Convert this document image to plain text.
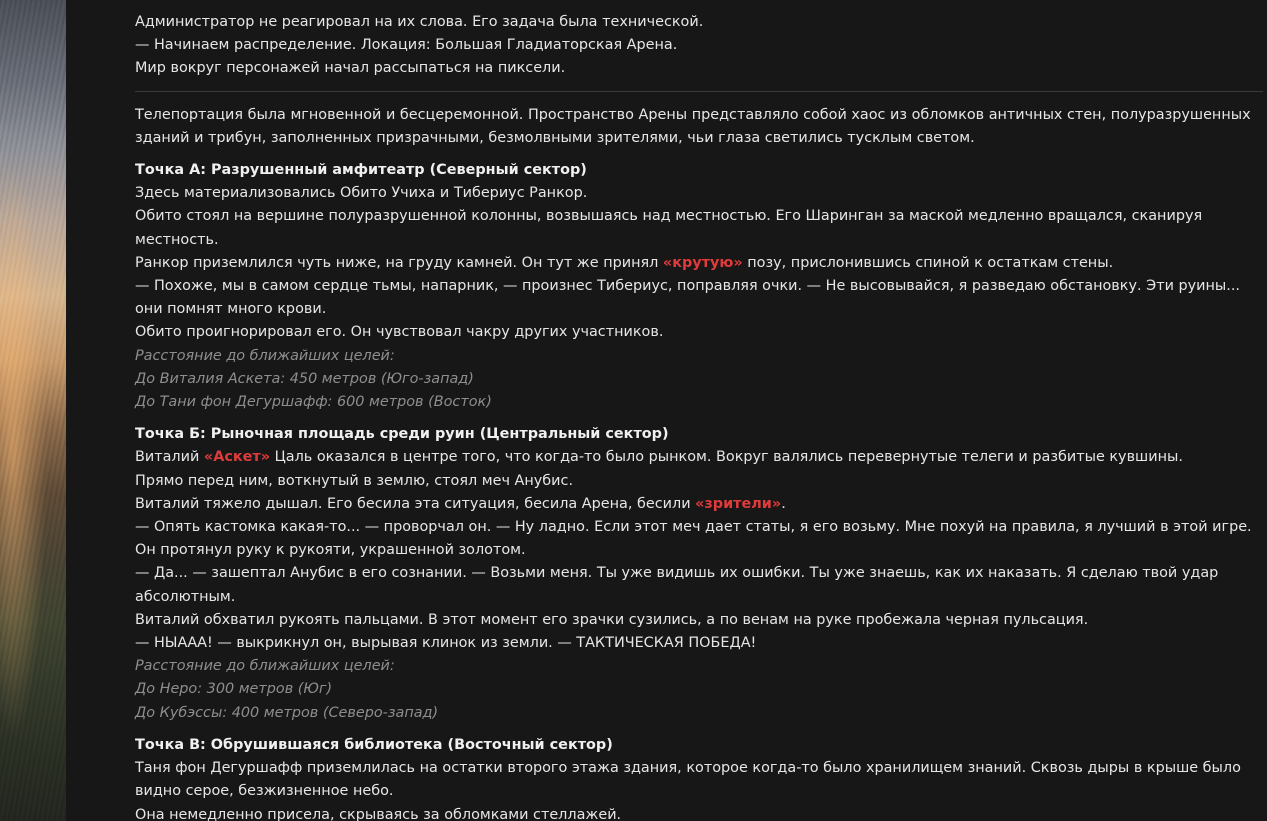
Администратор не реагировал на их слова. Его задача была технической.

— Начинаем распределение. Локация: Большая Гладиаторская Арена.

Мир вокруг персонажей начал рассыпаться на пиксели.

Телепортация была мгновенной и бесцеремонной. Пространство Арены представляло собой хаос из обломков античных стен, полуразрушенных зданий и трибун, заполненных призрачными, безмолвными зрителями, чьи глаза светились тусклым светом.

Точка А: Разрушенный амфитеатр (Северный сектор)

Здесь материализовались Обито Учиха и Тибериус Ранкор.

Обито стоял на вершине полуразрушенной колонны, возвышаясь над местностью. Его Шаринган за маской медленно вращался, сканируя местность.

Ранкор приземлился чуть ниже, на груду камней. Он тут же принял «крутую» позу, прислонившись спиной к остаткам стены.

— Похоже, мы в самом сердце тьмы, напарник, — произнес Тибериус, поправляя очки. — Не высовывайся, я разведаю обстановку. Эти руины... они помнят много крови.

Обито проигнорировал его. Он чувствовал чакру других участников.

Расстояние до ближайших целей:

До Виталия Аскета: 450 метров (Юго-запад)

До Тани фон Дегуршафф: 600 метров (Восток)

Точка Б: Рыночная площадь среди руин (Центральный сектор)

Виталий «Аскет» Цаль оказался в центре того, что когда-то было рынком. Вокруг валялись перевернутые телеги и разбитые кувшины.

Прямо перед ним, воткнутый в землю, стоял меч Анубис.

Виталий тяжело дышал. Его бесила эта ситуация, бесила Арена, бесили «зрители».

— Опять кастомка какая-то... — проворчал он. — Ну ладно. Если этот меч дает статы, я его возьму. Мне похуй на правила, я лучший в этой игре.

Он протянул руку к рукояти, украшенной золотом.

— Да... — зашептал Анубис в его сознании. — Возьми меня. Ты уже видишь их ошибки. Ты уже знаешь, как их наказать. Я сделаю твой удар абсолютным.

Виталий обхватил рукоять пальцами. В этот момент его зрачки сузились, а по венам на руке пробежала черная пульсация.

— НЫААА! — выкрикнул он, вырывая клинок из земли. — ТАКТИЧЕСКАЯ ПОБЕДА!

Расстояние до ближайших целей:

До Неро: 300 метров (Юг)

До Кубэссы: 400 метров (Северо-запад)

Точка В: Обрушившаяся библиотека (Восточный сектор)

Таня фон Дегуршафф приземлилась на остатки второго этажа здания, которое когда-то было хранилищем знаний. Сквозь дыры в крыше было видно серое, безжизненное небо.

Она немедленно присела, скрываясь за обломками стеллажей.
